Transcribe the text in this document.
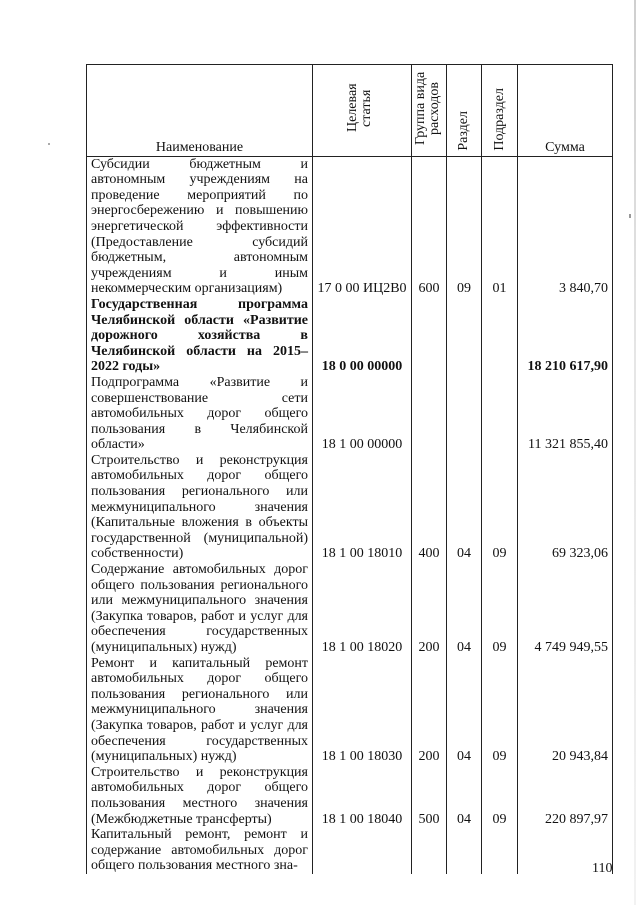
Наименование	Целевая статья	Группа вида расходов	Раздел	Подраздел	Сумма
Субсидии бюджетным и автономным учреждениям на проведение мероприятий по энергосбережению и повышению энергетической эффективности (Предоставление субсидий бюджетным, автономным учреждениям и иным некоммерческим организациям)	17 0 00 ИЦ2В0	600	09	01	3 840,70
Государственная программа Челябинской области «Развитие дорожного хозяйства в Челябинской области на 2015–2022 годы»	18 0 00 00000				18 210 617,90
Подпрограмма «Развитие и совершенствование сети автомобильных дорог общего пользования в Челябинской области»	18 1 00 00000				11 321 855,40
Строительство и реконструкция автомобильных дорог общего пользования регионального или межмуниципального значения (Капитальные вложения в объекты государственной (муниципальной) собственности)	18 1 00 18010	400	04	09	69 323,06
Содержание автомобильных дорог общего пользования регионального или межмуниципального значения (Закупка товаров, работ и услуг для обеспечения государственных (муниципальных) нужд)	18 1 00 18020	200	04	09	4 749 949,55
Ремонт и капитальный ремонт автомобильных дорог общего пользования регионального или межмуниципального значения (Закупка товаров, работ и услуг для обеспечения государственных (муниципальных) нужд)	18 1 00 18030	200	04	09	20 943,84
Строительство и реконструкция автомобильных дорог общего пользования местного значения (Межбюджетные трансферты)	18 1 00 18040	500	04	09	220 897,97
Капитальный ремонт, ремонт и содержание автомобильных дорог общего пользования местного зна-						110
